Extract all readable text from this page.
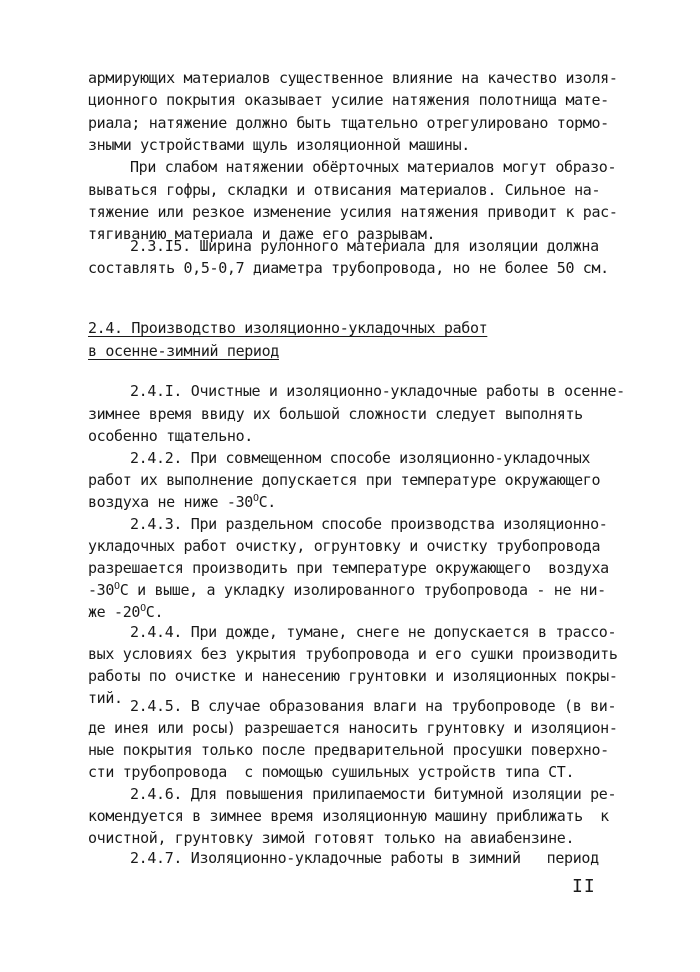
армирующих материалов существенное влияние на качество изоля-
ционного покрытия оказывает усилие натяжения полотнища мате-
риала; натяжение должно быть тщательно отрегулировано тормо-
зными устройствами щуль изоляционной машины.
При слабом натяжении обёрточных материалов могут образо-
вываться гофры, складки и отвисания материалов. Сильное на-
тяжение или резкое изменение усилия натяжения приводит к рас-
тягиванию материала и даже его разрывам.
2.3.I5. Ширина рулонного материала для изоляции должна
составлять 0,5-0,7 диаметра трубопровода, но не более 50 см.
2.4. Производство изоляционно-укладочных работ
в осенне-зимний период
2.4.I. Очистные и изоляционно-укладочные работы в осенне-
зимнее время ввиду их большой сложности следует выполнять
особенно тщательно.
2.4.2. При совмещенном способе изоляционно-укладочных
работ их выполнение допускается при температуре окружающего
воздуха не ниже $-30^OC$.
2.4.3. При раздельном способе производства изоляционно-
укладочных работ очистку, огрунтовку и очистку трубопровода
разрешается производить при температуре окружающего  воздуха
$-30^OC$ и выше, а укладку изолированного трубопровода - не ни-
же $-20^OC$.
2.4.4. При дожде, тумане, снеге не допускается в трассо-
вых условиях без укрытия трубопровода и его сушки производить
работы по очистке и нанесению грунтовки и изоляционных покры-
тий. 2.4.5. В случае образования влаги на трубопроводе (в ви-
де инея или росы) разрешается наносить грунтовку и изоляцион-
ные покрытия только после предварительной просушки поверхно-
сти трубопровода  с помощью сушильных устройств типа СТ.
2.4.6. Для повышения прилипаемости битумной изоляции ре-
комендуется в зимнее время изоляционную машину приближать  к
очистной, грунтовку зимой готовят только на авиабензине.
2.4.7. Изоляционно-укладочные работы в зимний   период
II
